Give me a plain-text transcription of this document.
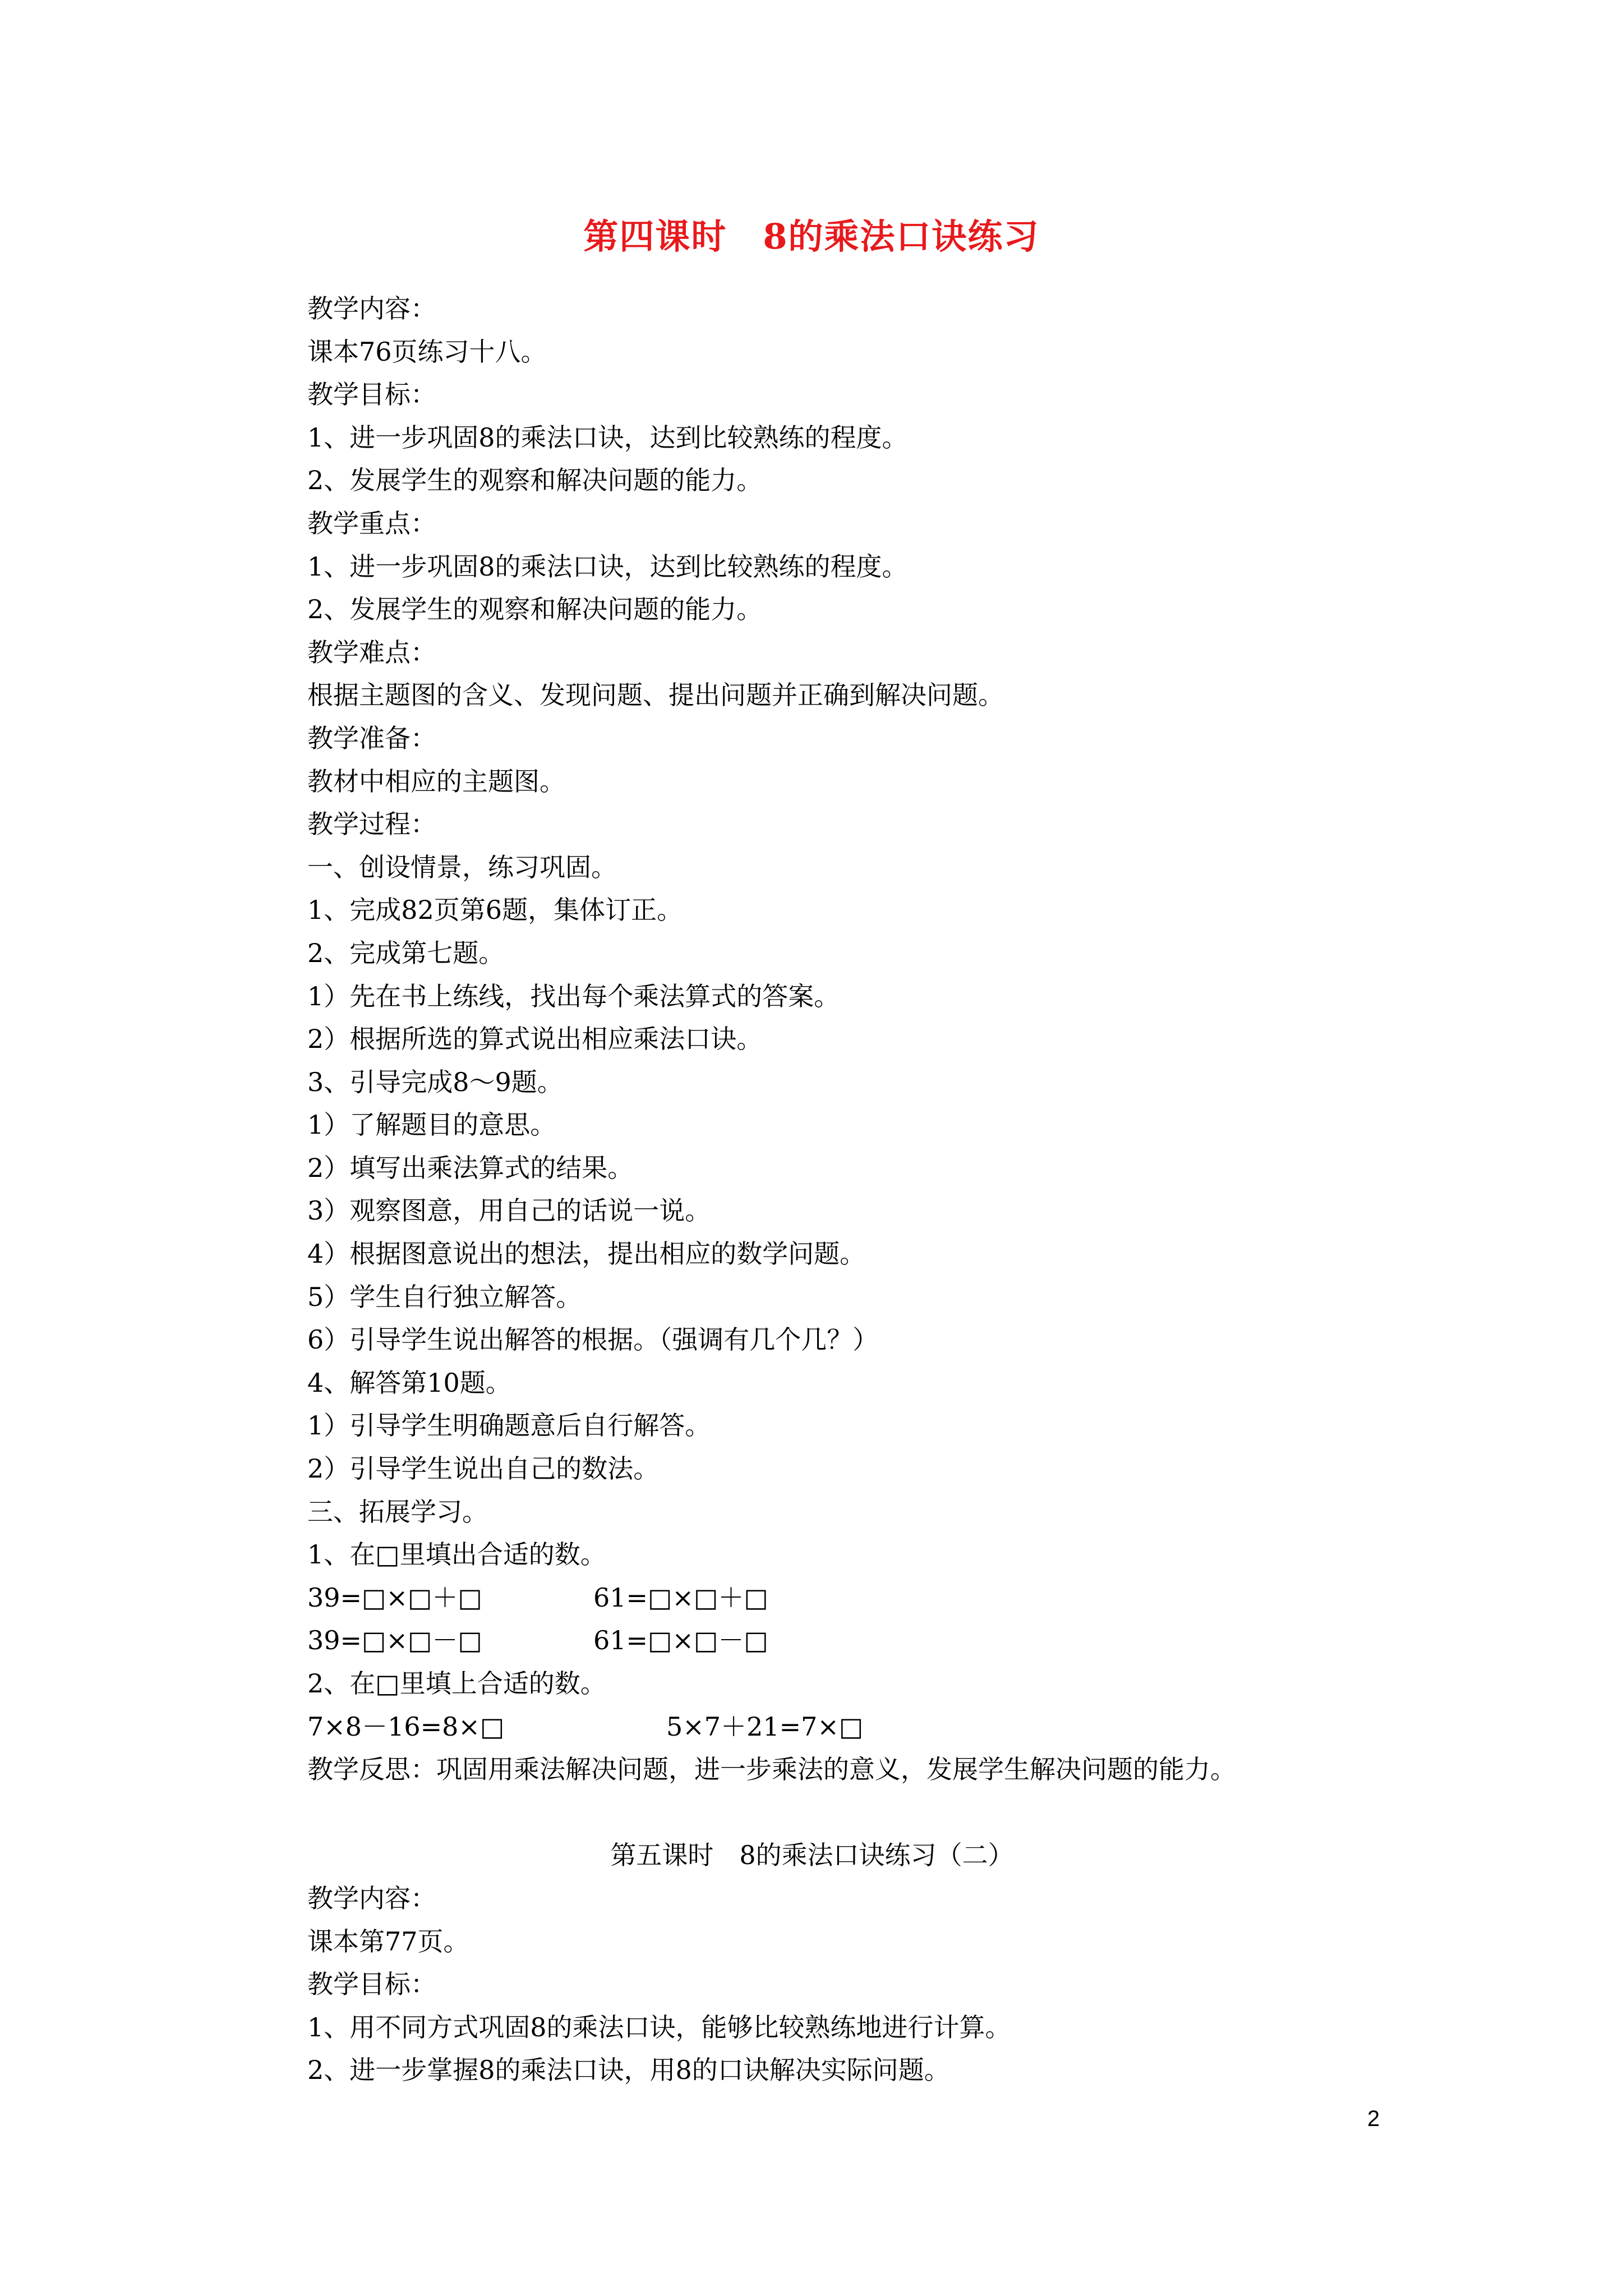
第四课时　8的乘法口诀练习
教学内容：
课本76页练习十八。
教学目标：
1、进一步巩固8的乘法口诀，达到比较熟练的程度。
2、发展学生的观察和解决问题的能力。
教学重点：
1、进一步巩固8的乘法口诀，达到比较熟练的程度。
2、发展学生的观察和解决问题的能力。
教学难点：
根据主题图的含义、发现问题、提出问题并正确到解决问题。
教学准备：
教材中相应的主题图。
教学过程：
一、创设情景，练习巩固。
1、完成82页第6题，集体订正。
2、完成第七题。
1）先在书上练线，找出每个乘法算式的答案。
2）根据所选的算式说出相应乘法口诀。
3、引导完成8～9题。
1）了解题目的意思。
2）填写出乘法算式的结果。
3）观察图意，用自己的话说一说。
4）根据图意说出的想法，提出相应的数学问题。
5）学生自行独立解答。
6）引导学生说出解答的根据。（强调有几个几？）
4、解答第10题。
1）引导学生明确题意后自行解答。
2）引导学生说出自己的数法。
三、拓展学习。
1、在□里填出合适的数。

39=□×□＋□

	61=□×□＋□

39=□×□－□

	61=□×□－□

2、在□里填上合适的数。

7×8－16=8×□

	5×7＋21=7×□

教学反思：巩固用乘法解决问题，进一步乘法的意义，发展学生解决问题的能力。
第五课时　8的乘法口诀练习（二）
教学内容：
课本第77页。
教学目标：
1、用不同方式巩固8的乘法口诀，能够比较熟练地进行计算。
2、进一步掌握8的乘法口诀，用8的口诀解决实际问题。
2
